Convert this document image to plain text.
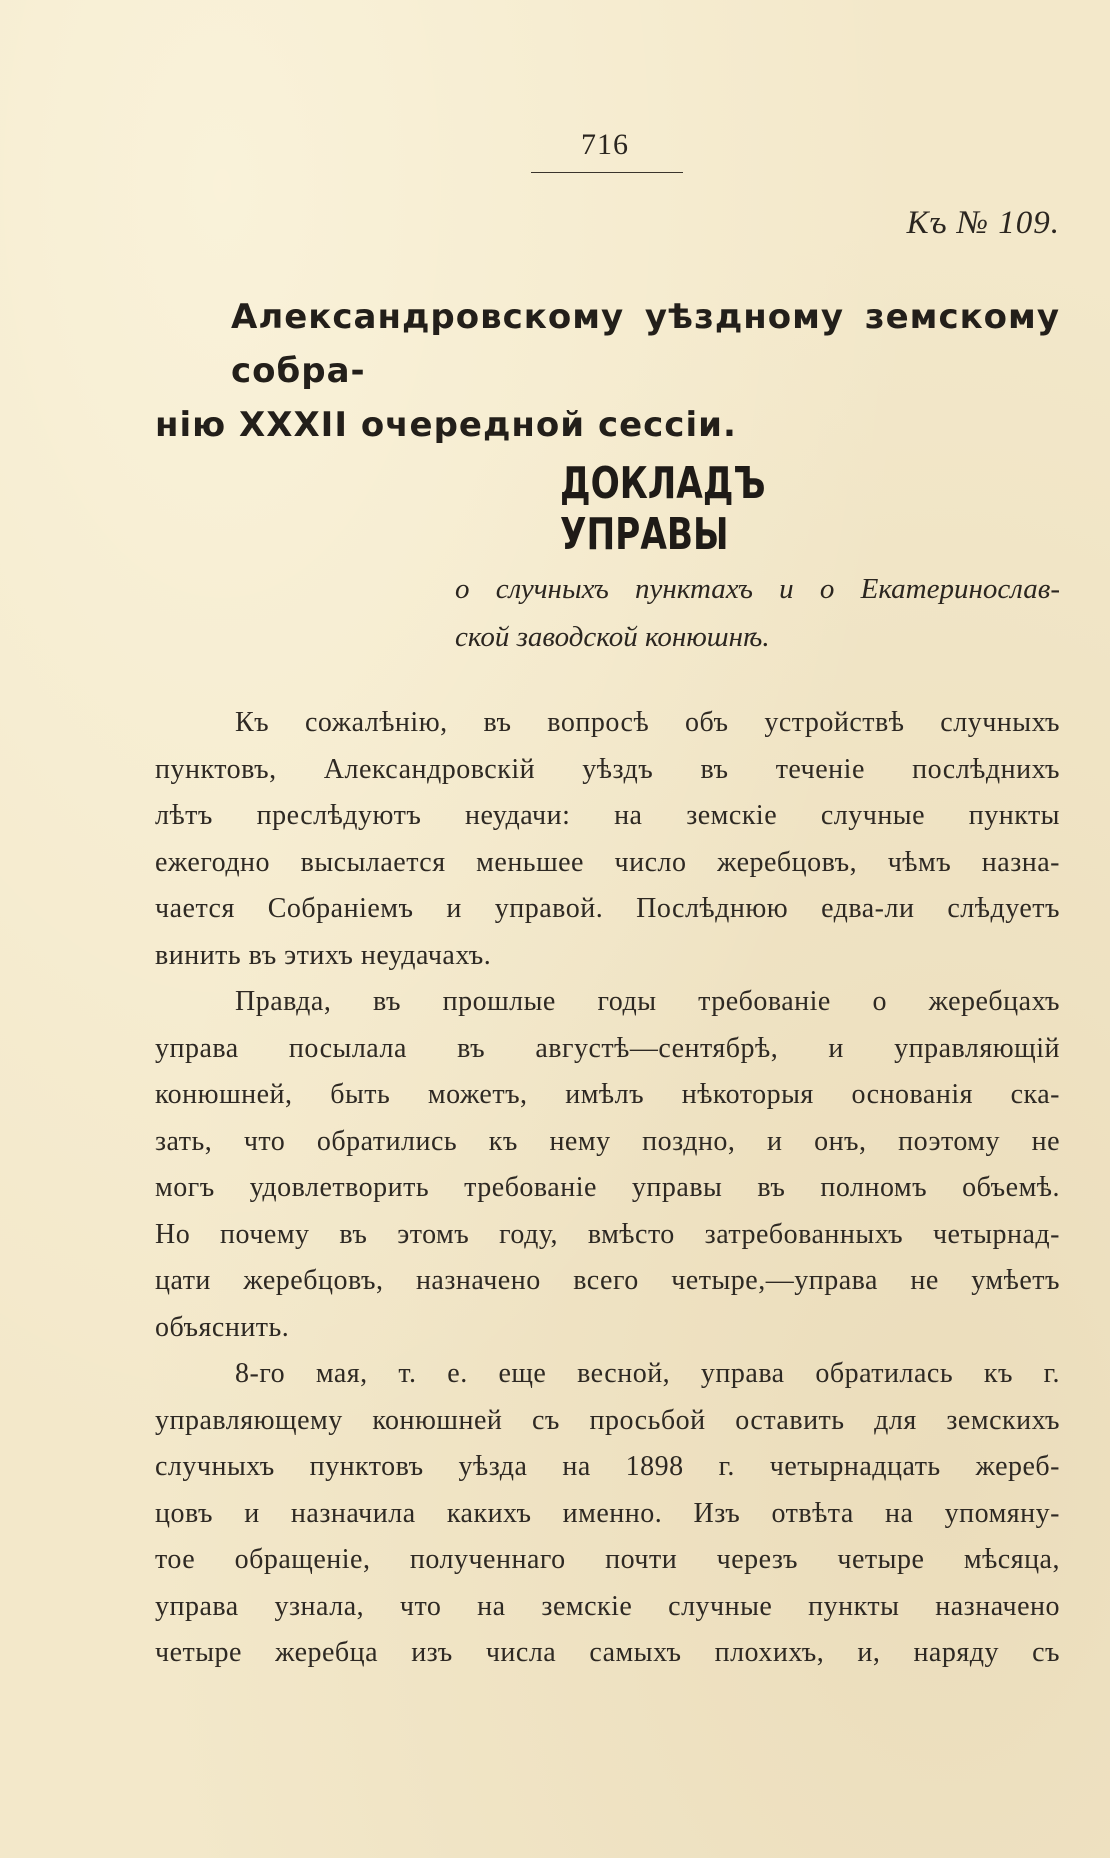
716
Къ № 109.
Александровскому уѣздному земскому собра-
нію XXXII очередной сессіи.
ДОКЛАДЪ УПРАВЫ
о случныхъ пунктахъ и о Екатеринослав-
ской заводской конюшнѣ.
Къ сожалѣнію, въ вопросѣ объ устройствѣ случныхъ
пунктовъ, Александровскій уѣздъ въ теченіе послѣднихъ
лѣтъ преслѣдуютъ неудачи: на земскіе случные пункты
ежегодно высылается меньшее число жеребцовъ, чѣмъ назна-
чается Собраніемъ и управой. Послѣднюю едва-ли слѣдуетъ
винить въ этихъ неудачахъ.
Правда, въ прошлые годы требованіе о жеребцахъ
управа посылала въ августѣ—сентябрѣ, и управляющій
конюшней, быть можетъ, имѣлъ нѣкоторыя основанія ска-
зать, что обратились къ нему поздно, и онъ, поэтому не
могъ удовлетворить требованіе управы въ полномъ объемѣ.
Но почему въ этомъ году, вмѣсто затребованныхъ четырнад-
цати жеребцовъ, назначено всего четыре,—управа не умѣетъ
объяснить.
8-го мая, т. е. еще весной, управа обратилась къ г.
управляющему конюшней съ просьбой оставить для земскихъ
случныхъ пунктовъ уѣзда на 1898 г. четырнадцать жереб-
цовъ и назначила какихъ именно. Изъ отвѣта на упомяну-
тое обращеніе, полученнаго почти черезъ четыре мѣсяца,
управа узнала, что на земскіе случные пункты назначено
четыре жеребца изъ числа самыхъ плохихъ, и, наряду съ
